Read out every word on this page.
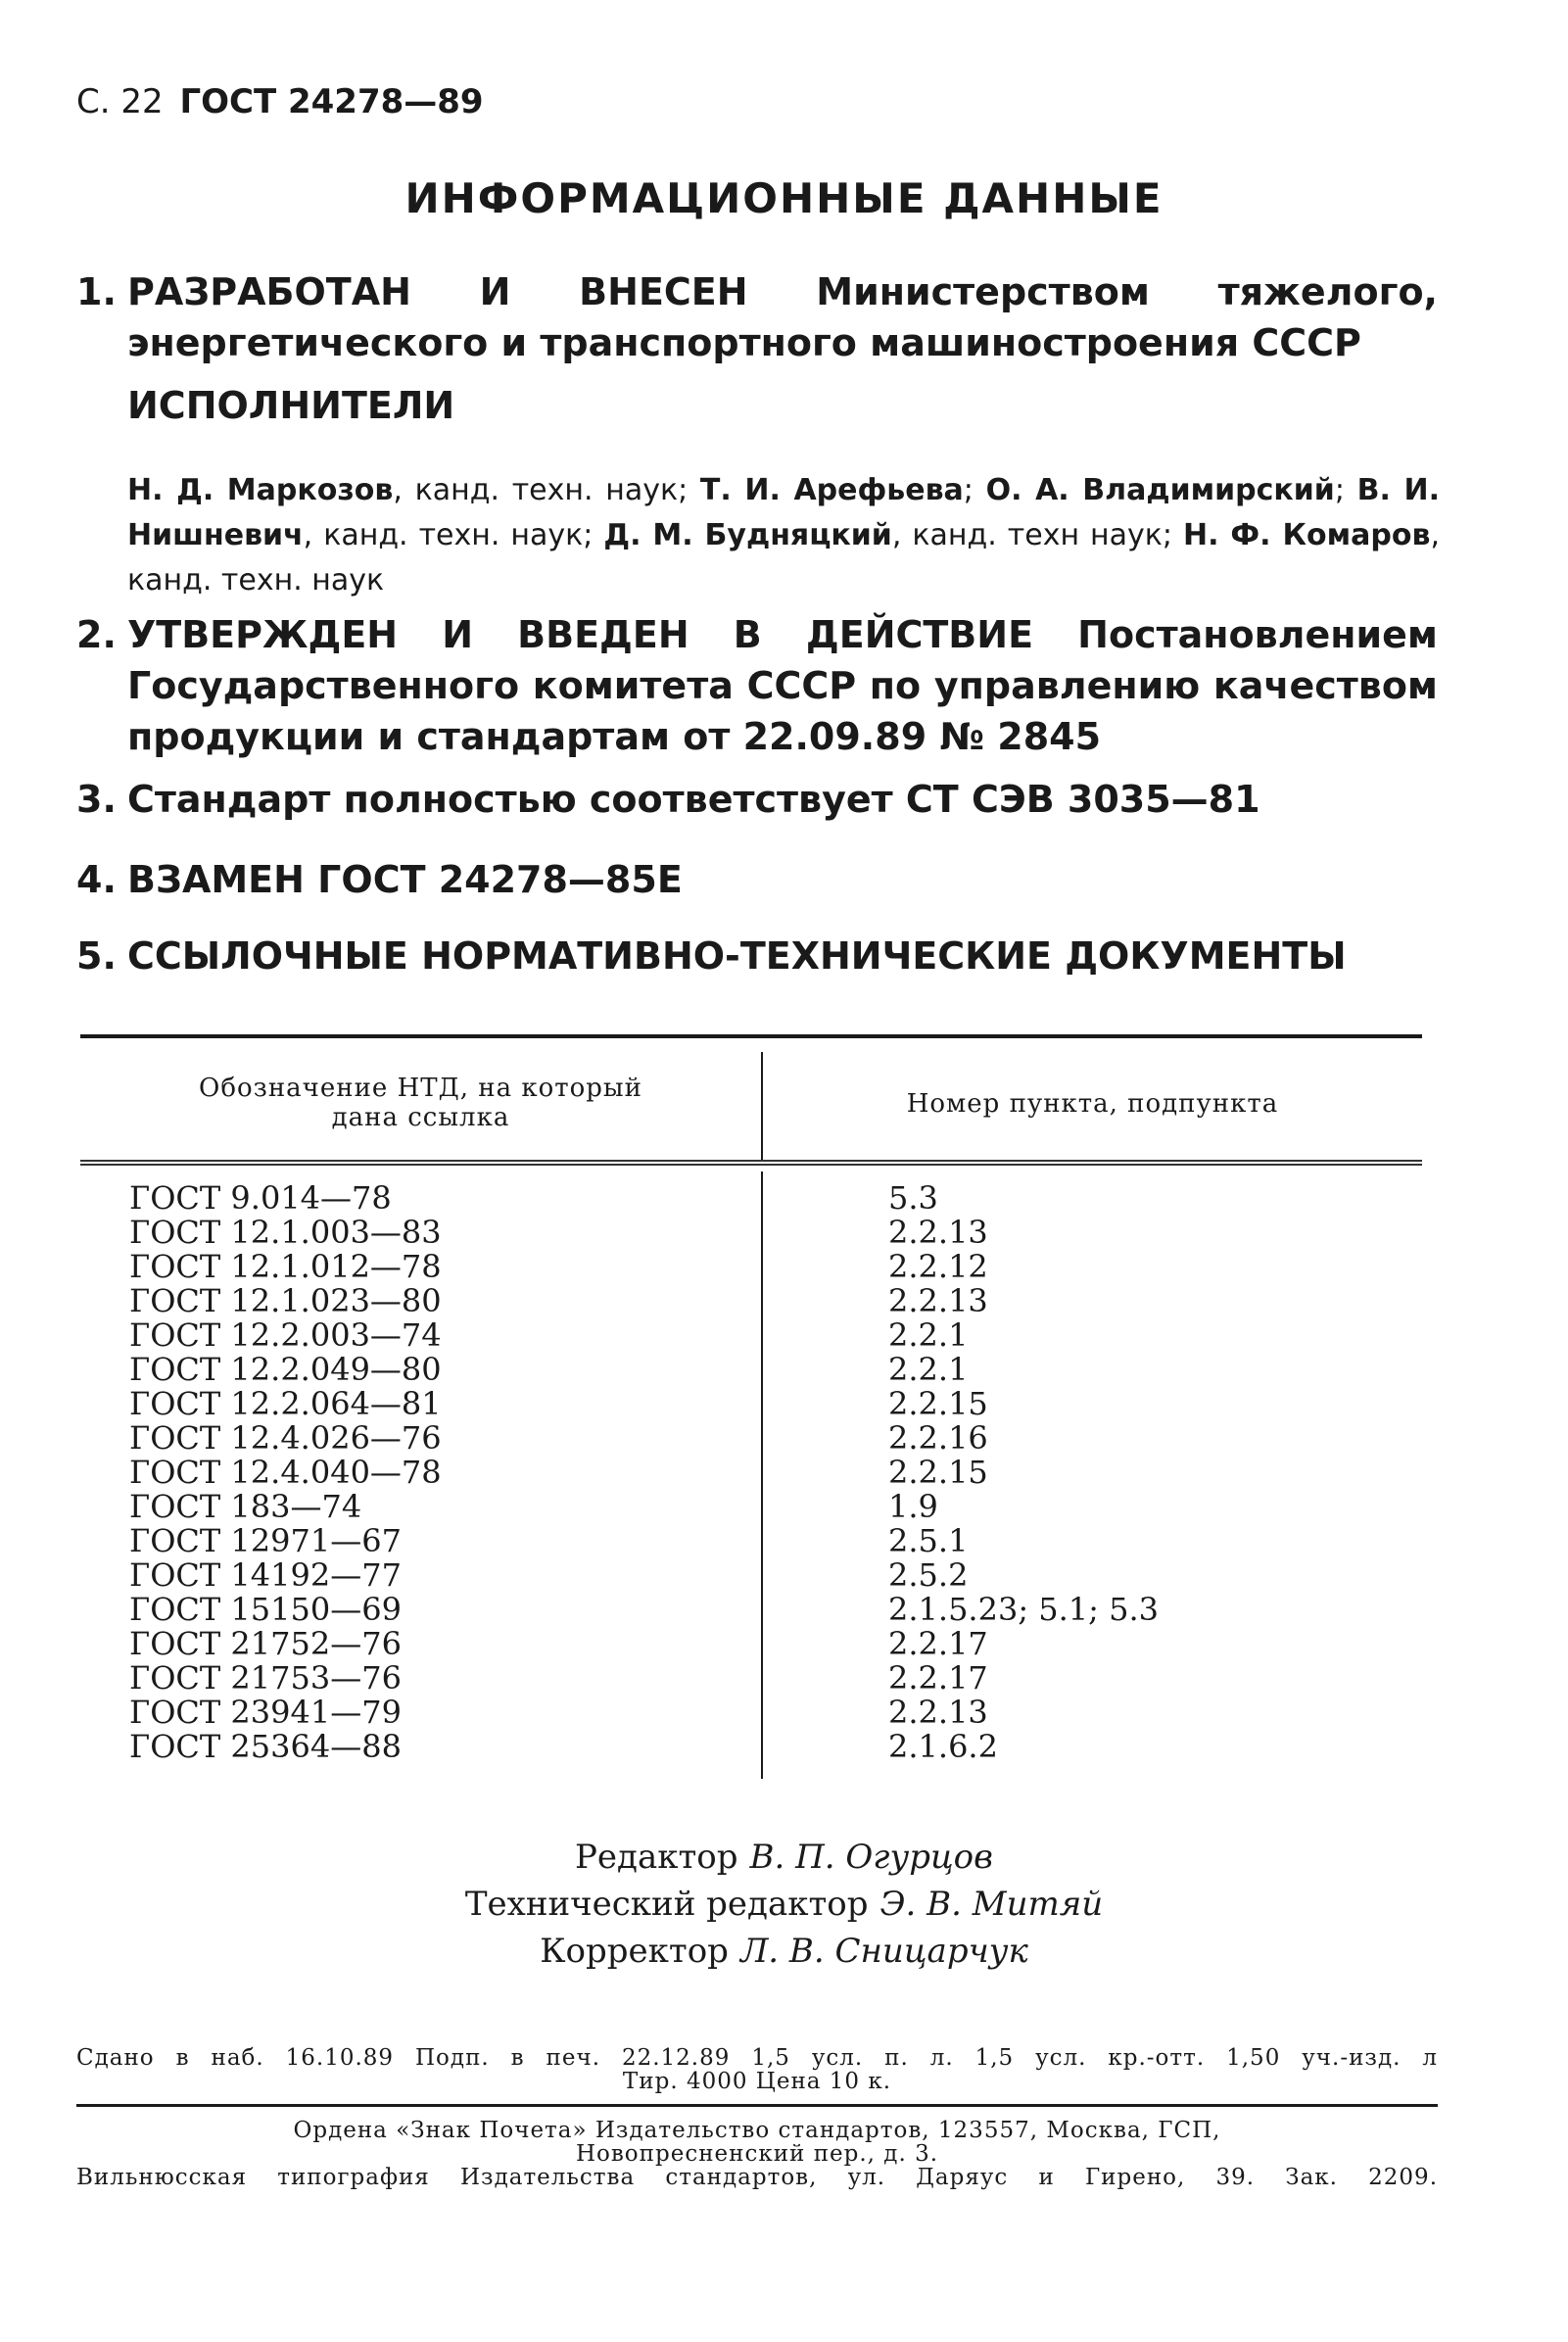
С. 22 ГОСТ 24278—89
ИНФОРМАЦИОННЫЕ ДАННЫЕ
1. РАЗРАБОТАН И ВНЕСЕН Министерством тяжелого, энергетического и транспортного машиностроения СССР
ИСПОЛНИТЕЛИ
Н. Д. Маркозов, канд. техн. наук; Т. И. Арефьева; О. А. Владимирский; В. И. Нишневич, канд. техн. наук; Д. М. Будняцкий, канд. техн наук; Н. Ф. Комаров, канд. техн. наук
2. УТВЕРЖДЕН И ВВЕДЕН В ДЕЙСТВИЕ Постановлением Государственного комитета СССР по управлению качеством продукции и стандартам от 22.09.89 № 2845
3. Стандарт полностью соответствует СТ СЭВ 3035—81
4. ВЗАМЕН ГОСТ 24278—85Е
5. ССЫЛОЧНЫЕ НОРМАТИВНО-ТЕХНИЧЕСКИЕ ДОКУМЕНТЫ
Обозначение НТД, на который
дана ссылка	Номер пункта, подпункта
ГОСТ 9.014—78	5.3
ГОСТ 12.1.003—83	2.2.13
ГОСТ 12.1.012—78	2.2.12
ГОСТ 12.1.023—80	2.2.13
ГОСТ 12.2.003—74	2.2.1
ГОСТ 12.2.049—80	2.2.1
ГОСТ 12.2.064—81	2.2.15
ГОСТ 12.4.026—76	2.2.16
ГОСТ 12.4.040—78	2.2.15
ГОСТ 183—74	1.9
ГОСТ 12971—67	2.5.1
ГОСТ 14192—77	2.5.2
ГОСТ 15150—69	2.1.5.23; 5.1; 5.3
ГОСТ 21752—76	2.2.17
ГОСТ 21753—76	2.2.17
ГОСТ 23941—79	2.2.13
ГОСТ 25364—88	2.1.6.2
Редактор В. П. Огурцов
Технический редактор Э. В. Митяй
Корректор Л. В. Сницарчук
Сдано в наб. 16.10.89 Подп. в печ. 22.12.89 1,5 усл. п. л. 1,5 усл. кр.-отт. 1,50 уч.-изд. л
Тир. 4000 Цена 10 к.
Ордена «Знак Почета» Издательство стандартов, 123557, Москва, ГСП,
Новопресненский пер., д. 3.
Вильнюсская типография Издательства стандартов, ул. Даряус и Гирено, 39. Зак. 2209.
